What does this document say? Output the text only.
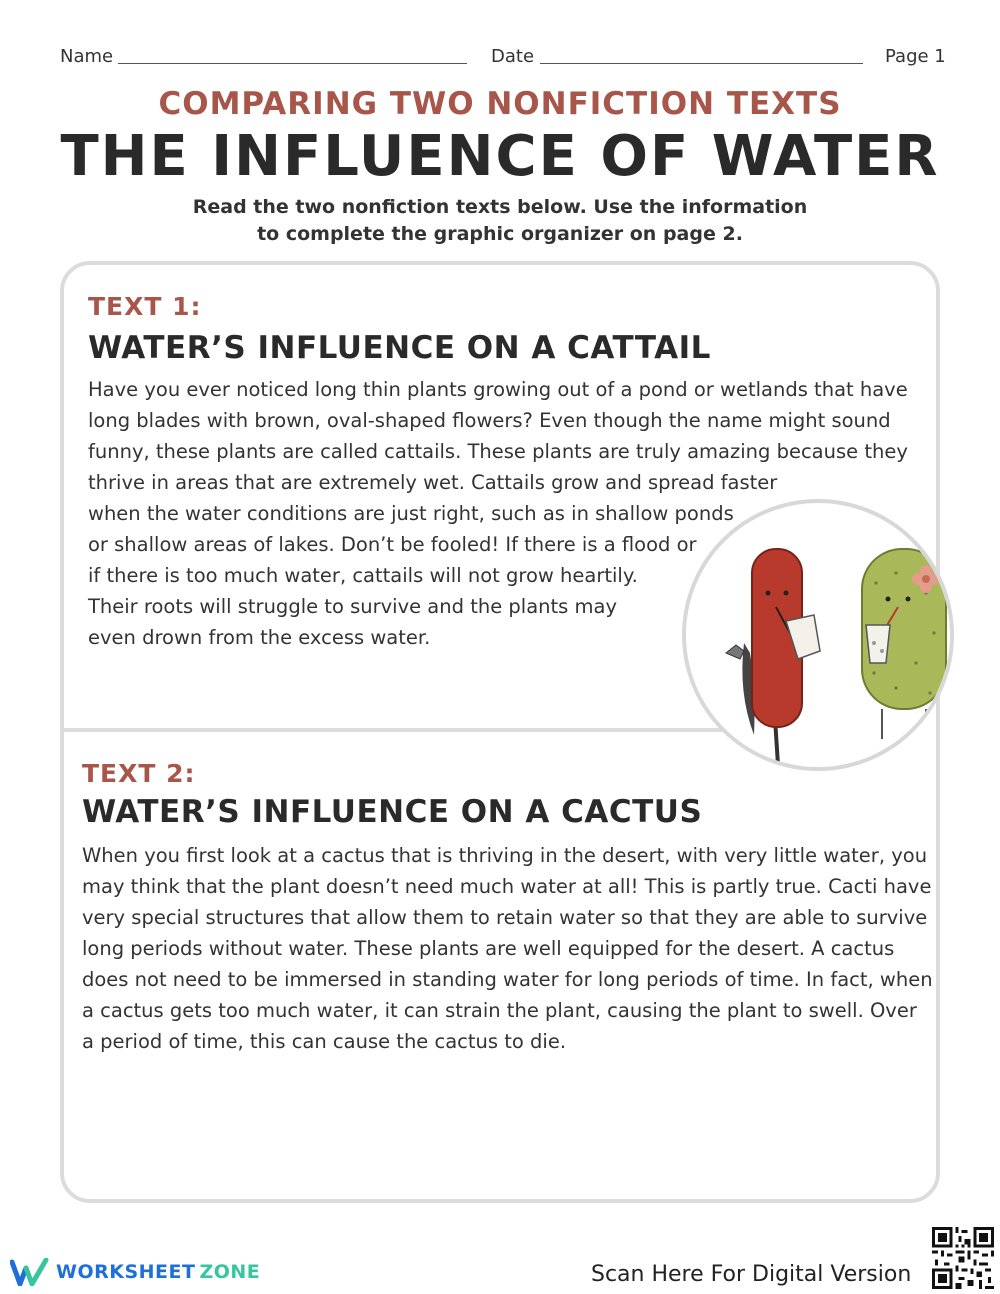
Name	Date	Page 1
COMPARING TWO NONFICTION TEXTS
THE INFLUENCE OF WATER
Read the two nonfiction texts below. Use the information
to complete the graphic organizer on page 2.
TEXT 1:
WATER’S INFLUENCE ON A CATTAIL
Have you ever noticed long thin plants growing out of a pond or wetlands that have
long blades with brown, oval-shaped flowers? Even though the name might sound
funny, these plants are called cattails. These plants are truly amazing because they
thrive in areas that are extremely wet. Cattails grow and spread faster
when the water conditions are just right, such as in shallow ponds
or shallow areas of lakes. Don’t be fooled! If there is a flood or
if there is too much water, cattails will not grow heartily.
Their roots will struggle to survive and the plants may
even drown from the excess water.
TEXT 2:
WATER’S INFLUENCE ON A CACTUS
When you first look at a cactus that is thriving in the desert, with very little water, you
may think that the plant doesn’t need much water at all! This is partly true. Cacti have
very special structures that allow them to retain water so that they are able to survive
long periods without water. These plants are well equipped for the desert. A cactus
does not need to be immersed in standing water for long periods of time. In fact, when
a cactus gets too much water, it can strain the plant, causing the plant to swell. Over
a period of time, this can cause the cactus to die.
WORKSHEET ZONE	Scan Here For Digital Version
